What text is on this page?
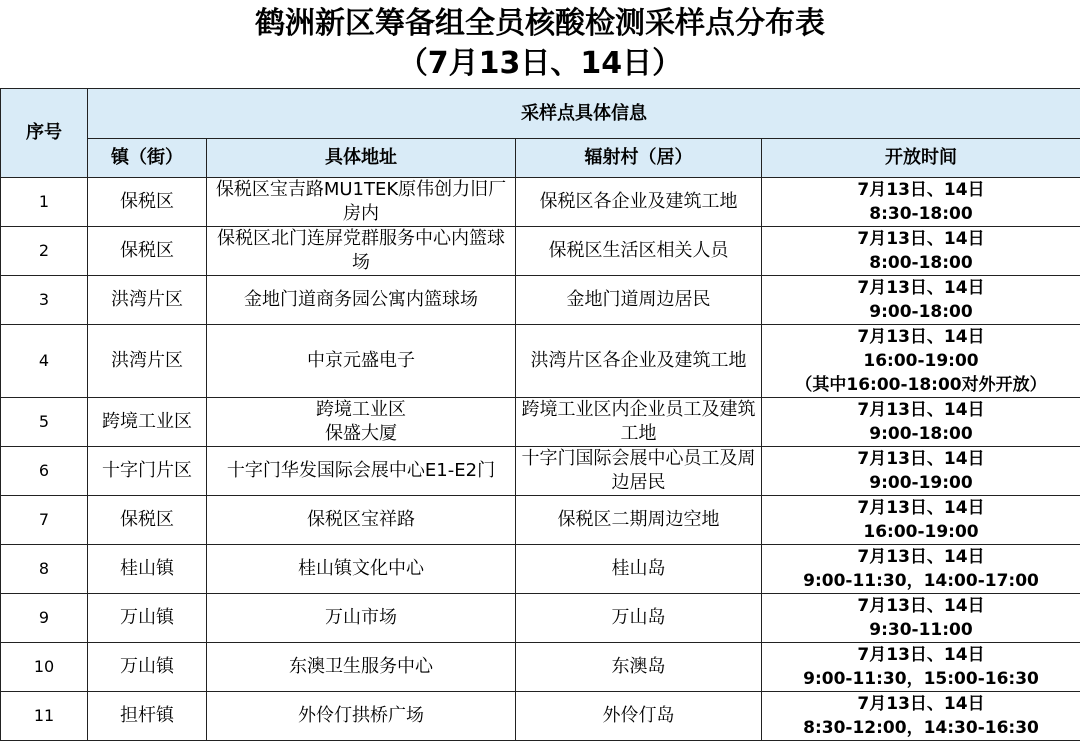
鹤洲新区筹备组全员核酸检测采样点分布表
（7月13日、14日）
序号	采样点具体信息			
	镇（街）	具体地址	辐射村（居）	开放时间
1	保税区	保税区宝吉路MU1TEK原伟创力旧厂房内	保税区各企业及建筑工地	7月13日、14日
8:30-18:00

2	保税区	保税区北门连屏党群服务中心内篮球场	保税区生活区相关人员	7月13日、14日
8:00-18:00

3	洪湾片区	金地门道商务园公寓内篮球场	金地门道周边居民	7月13日、14日
9:00-18:00

4	洪湾片区	中京元盛电子	洪湾片区各企业及建筑工地	7月13日、14日
16:00-19:00
（其中16:00-18:00对外开放）

5	跨境工业区	跨境工业区
保盛大厦	跨境工业区内企业员工及建筑工地	7月13日、14日
9:00-18:00

6	十字门片区	十字门华发国际会展中心E1-E2门	十字门国际会展中心员工及周边居民	7月13日、14日
9:00-19:00

7	保税区	保税区宝祥路	保税区二期周边空地	7月13日、14日
16:00-19:00

8	桂山镇	桂山镇文化中心	桂山岛	7月13日、14日
9:00-11:30，14:00-17:00

9	万山镇	万山市场	万山岛	7月13日、14日
9:30-11:00

10	万山镇	东澳卫生服务中心	东澳岛	7月13日、14日
9:00-11:30，15:00-16:30

11	担杆镇	外伶仃拱桥广场	外伶仃岛	7月13日、14日
8:30-12:00，14:30-16:30
